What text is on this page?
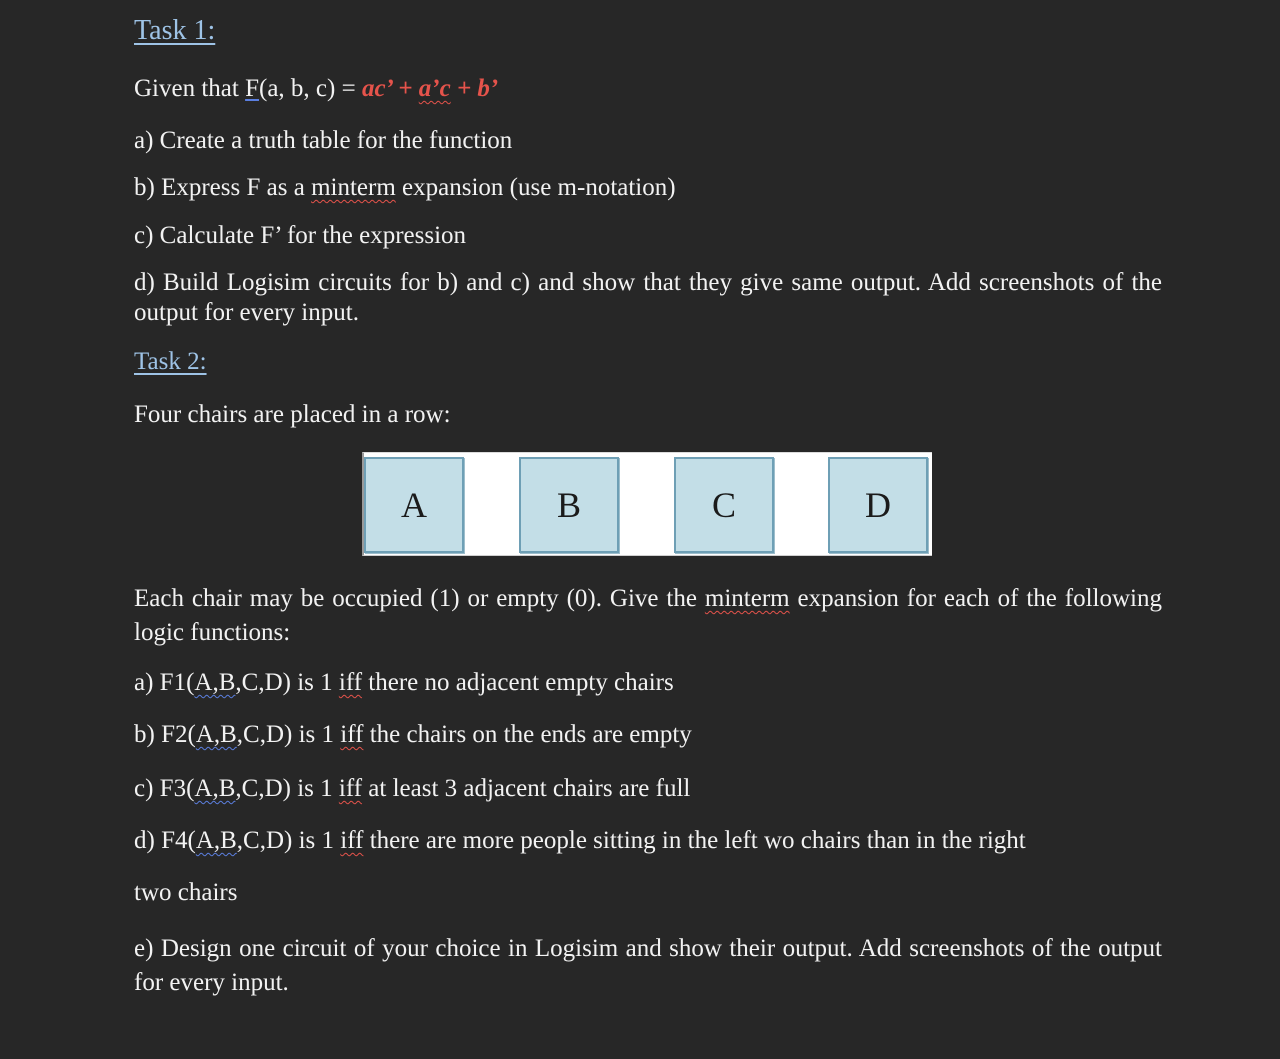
Task 1:
Given that F(a, b, c) = ac’ + a’c + b’
a) Create a truth table for the function
b) Express F as a minterm expansion (use m-notation)
c) Calculate F’ for the expression
d) Build Logisim circuits for b) and c) and show that they give same output. Add screenshots of the output for every input.
Task 2:
Four chairs are placed in a row:
Each chair may be occupied (1) or empty (0). Give the minterm expansion for each of the following logic functions:
a) F1(A,B,C,D) is 1 iff there no adjacent empty chairs
b) F2(A,B,C,D) is 1 iff the chairs on the ends are empty
c) F3(A,B,C,D) is 1 iff at least 3 adjacent chairs are full
d) F4(A,B,C,D) is 1 iff there are more people sitting in the left wo chairs than in the right
two chairs
e) Design one circuit of your choice in Logisim and show their output. Add screenshots of the output for every input.
A	B	C	D
